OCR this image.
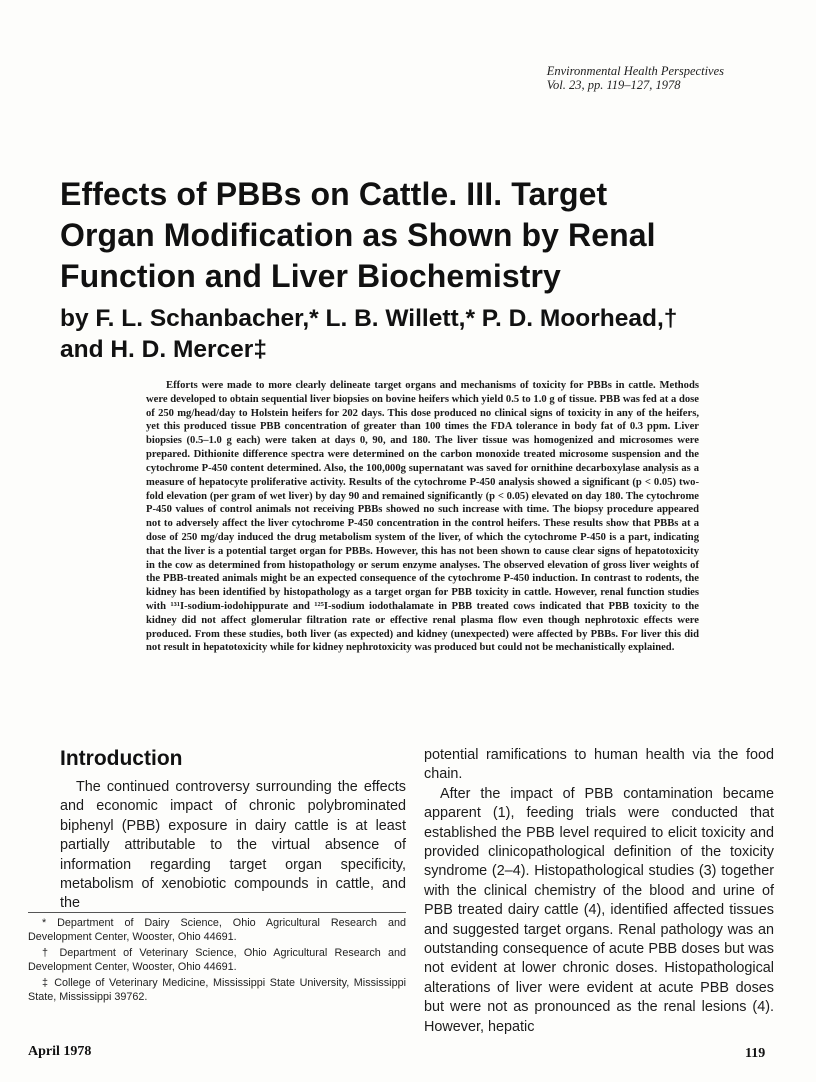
Environmental Health Perspectives
Vol. 23, pp. 119–127, 1978
Effects of PBBs on Cattle. III. Target
Organ Modification as Shown by Renal
Function and Liver Biochemistry
by F. L. Schanbacher,* L. B. Willett,* P. D. Moorhead,†
and H. D. Mercer‡

Efforts were made to more clearly delineate target organs and mechanisms of toxicity for PBBs in cattle. Methods were developed to obtain sequential liver biopsies on bovine heifers which yield 0.5 to 1.0 g of tissue. PBB was fed at a dose of 250 mg/head/day to Holstein heifers for 202 days. This dose produced no clinical signs of toxicity in any of the heifers, yet this produced tissue PBB concentration of greater than 100 times the FDA tolerance in body fat of 0.3 ppm. Liver biopsies (0.5–1.0 g each) were taken at days 0, 90, and 180. The liver tissue was homogenized and microsomes were prepared. Dithionite difference spectra were determined on the carbon monoxide treated microsome suspension and the cytochrome P-450 content determined. Also, the 100,000g supernatant was saved for ornithine decarboxylase analysis as a measure of hepatocyte proliferative activity. Results of the cytochrome P-450 analysis showed a significant (p < 0.05) two-fold elevation (per gram of wet liver) by day 90 and remained significantly (p < 0.05) elevated on day 180. The cytochrome P-450 values of control animals not receiving PBBs showed no such increase with time. The biopsy procedure appeared not to adversely affect the liver cytochrome P-450 concentration in the control heifers. These results show that PBBs at a dose of 250 mg/day induced the drug metabolism system of the liver, of which the cytochrome P-450 is a part, indicating that the liver is a potential target organ for PBBs. However, this has not been shown to cause clear signs of hepatotoxicity in the cow as determined from histopathology or serum enzyme analyses. The observed elevation of gross liver weights of the PBB-treated animals might be an expected consequence of the cytochrome P-450 induction. In contrast to rodents, the kidney has been identified by histopathology as a target organ for PBB toxicity in cattle. However, renal function studies with ¹³¹I-sodium-iodohippurate and ¹²⁵I-sodium iodothalamate in PBB treated cows indicated that PBB toxicity to the kidney did not affect glomerular filtration rate or effective renal plasma flow even though nephrotoxic effects were produced. From these studies, both liver (as expected) and kidney (unexpected) were affected by PBBs. For liver this did not result in hepatotoxicity while for kidney nephrotoxicity was produced but could not be mechanistically explained.

Introduction

The continued controversy surrounding the effects and economic impact of chronic polybrominated biphenyl (PBB) exposure in dairy cattle is at least partially attributable to the virtual absence of information regarding target organ specificity, metabolism of xenobiotic compounds in cattle, and the

* Department of Dairy Science, Ohio Agricultural Research and Development Center, Wooster, Ohio 44691.

† Department of Veterinary Science, Ohio Agricultural Research and Development Center, Wooster, Ohio 44691.

‡ College of Veterinary Medicine, Mississippi State University, Mississippi State, Mississippi 39762.

potential ramifications to human health via the food chain.

After the impact of PBB contamination became apparent (1), feeding trials were conducted that established the PBB level required to elicit toxicity and provided clinicopathological definition of the toxicity syndrome (2–4). Histopathological studies (3) together with the clinical chemistry of the blood and urine of PBB treated dairy cattle (4), identified affected tissues and suggested target organs. Renal pathology was an outstanding consequence of acute PBB doses but was not evident at lower chronic doses. Histopathological alterations of liver were evident at acute PBB doses but were not as pronounced as the renal lesions (4). However, hepatic

April 1978	119
